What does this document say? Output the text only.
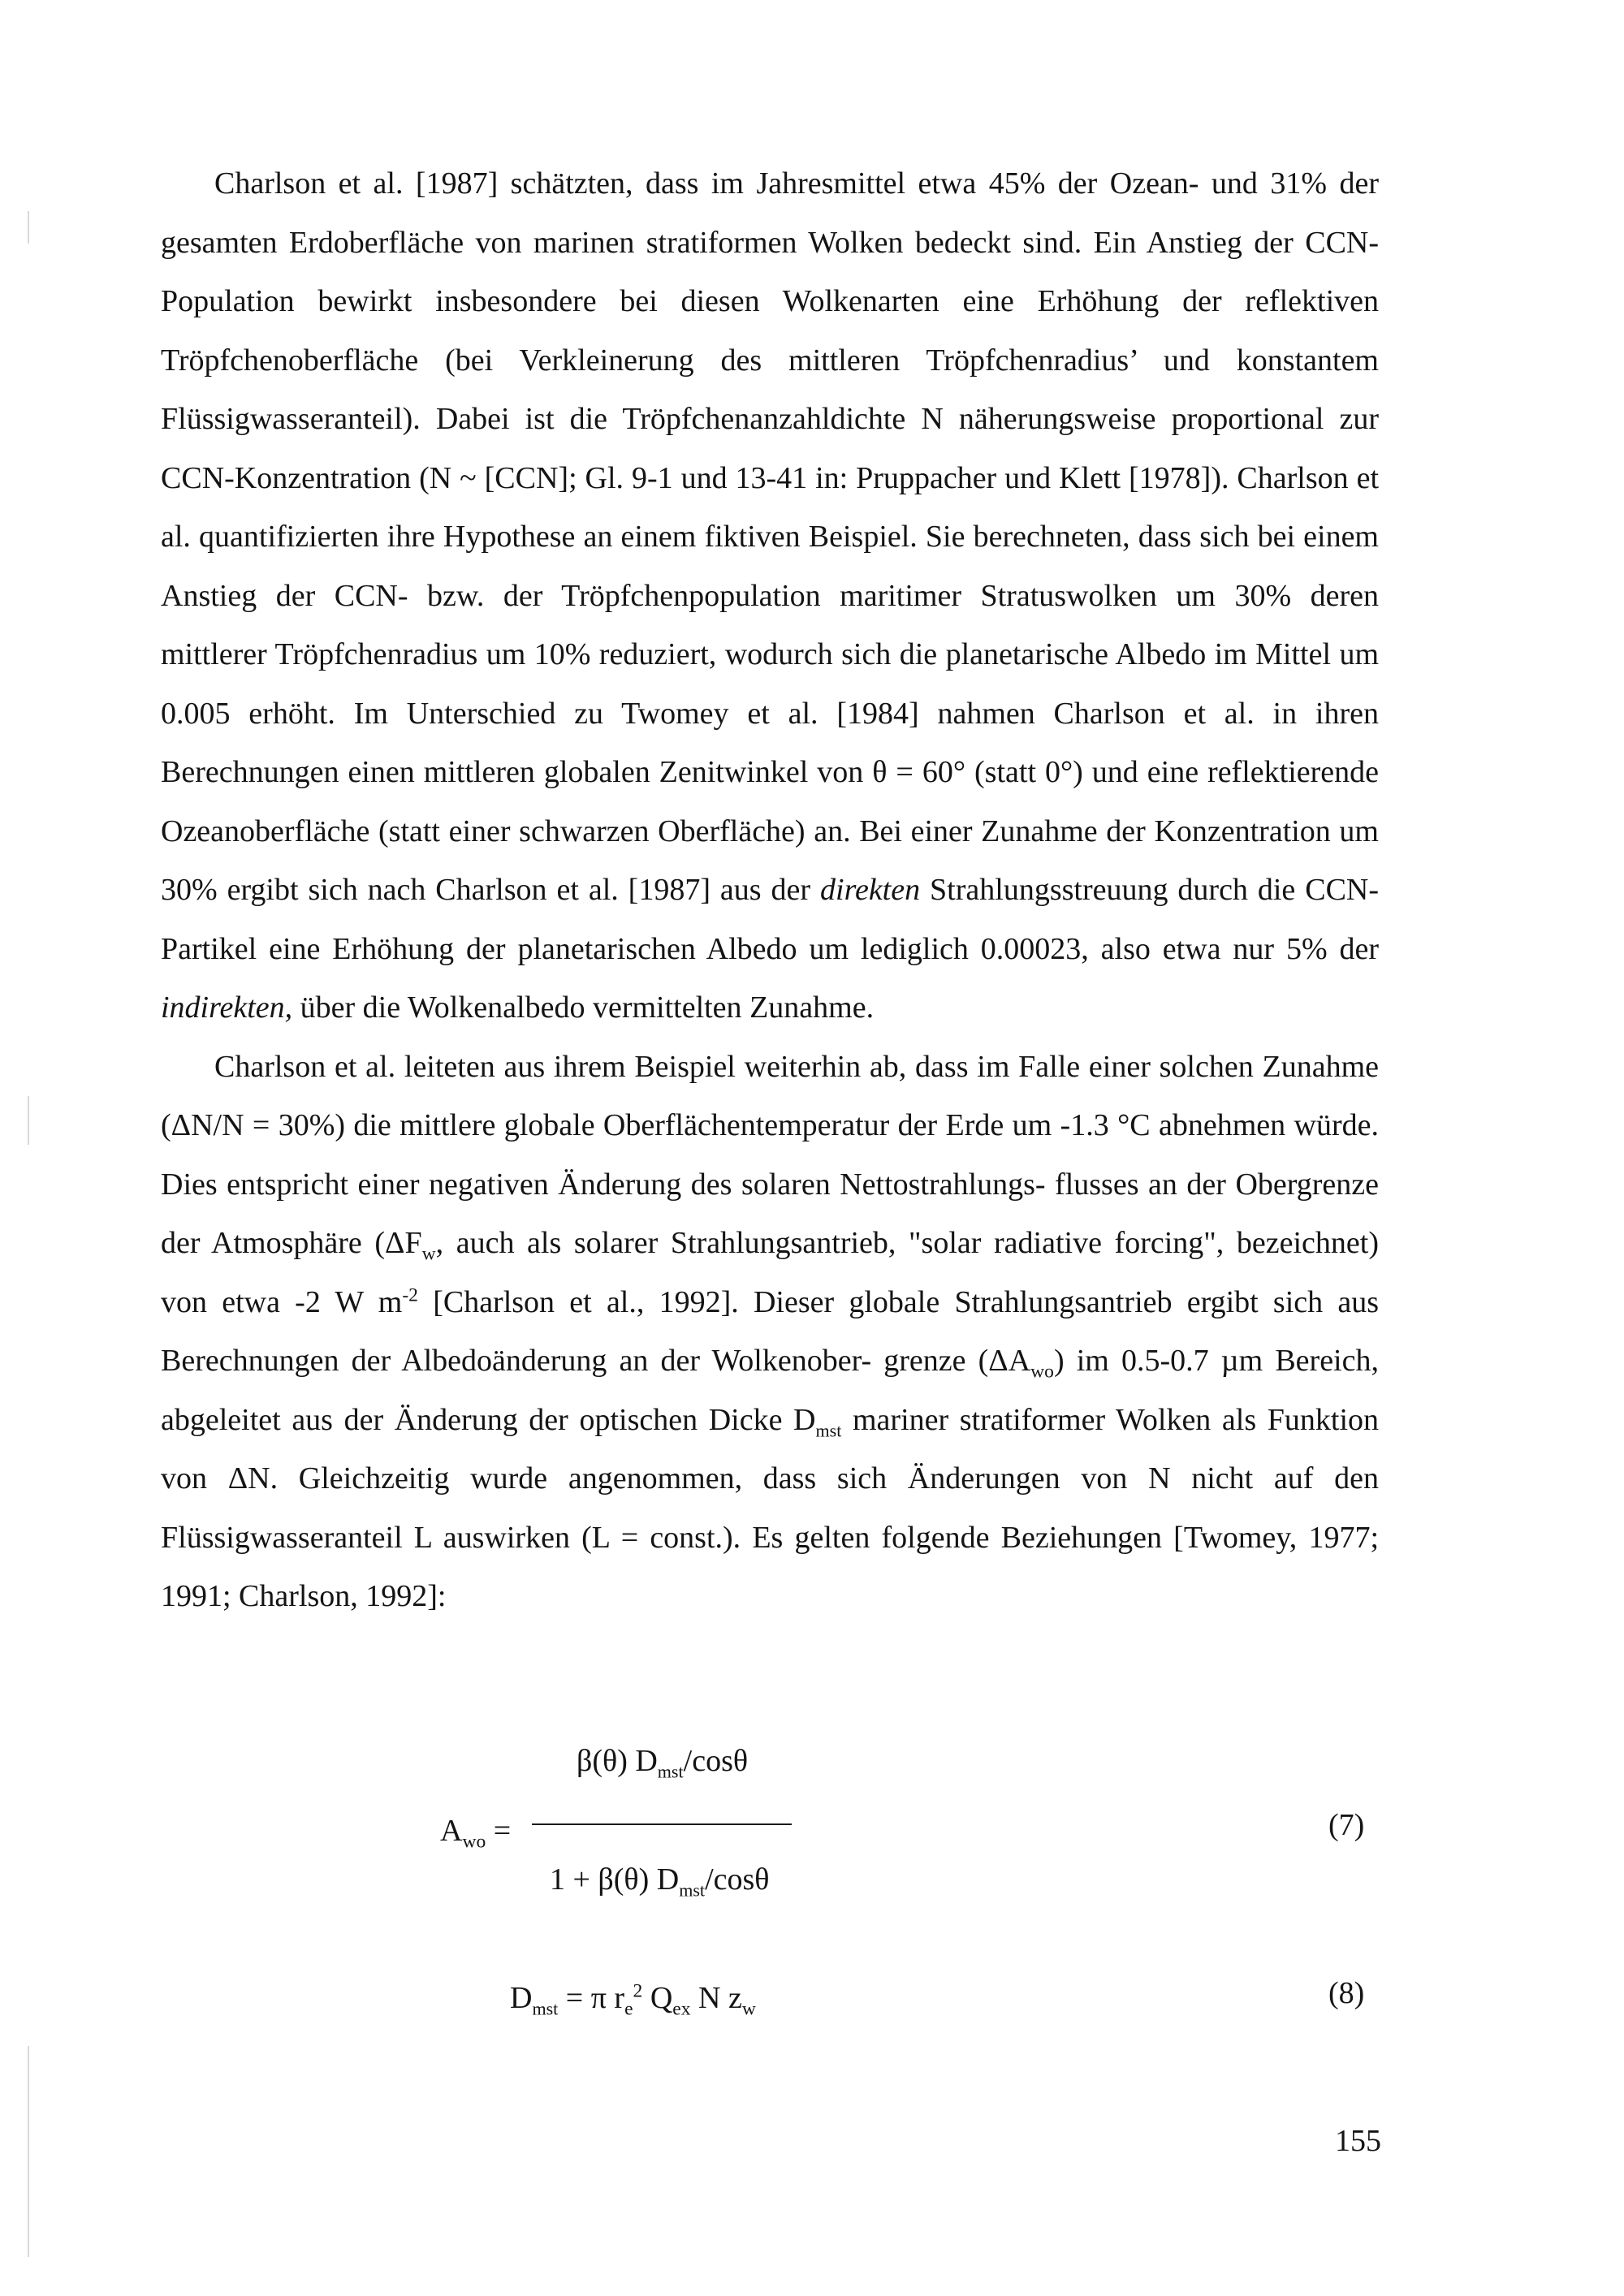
Charlson et al. [1987] schätzten, dass im Jahresmittel etwa 45% der Ozean- und 31% der gesamten Erdoberfläche von marinen stratiformen Wolken bedeckt sind. Ein Anstieg der CCN-Population bewirkt insbesondere bei diesen Wolkenarten eine Erhöhung der reflektiven Tröpfchenoberfläche (bei Verkleinerung des mittleren Tröpfchenradius’ und konstantem Flüssigwasseranteil). Dabei ist die Tröpfchenanzahldichte N näherungsweise proportional zur CCN-Konzentration (N ~ [CCN]; Gl. 9-1 und 13-41 in: Pruppacher und Klett [1978]). Charlson et al. quantifizierten ihre Hypothese an einem fiktiven Beispiel. Sie berechneten, dass sich bei einem Anstieg der CCN- bzw. der Tröpfchenpopulation maritimer Stratuswolken um 30% deren mittlerer Tröpfchenradius um 10% reduziert, wodurch sich die planetarische Albedo im Mittel um 0.005 erhöht. Im Unterschied zu Twomey et al. [1984] nahmen Charlson et al. in ihren Berechnungen einen mittleren globalen Zenitwinkel von θ = 60° (statt 0°) und eine reflektierende Ozeanoberfläche (statt einer schwarzen Oberfläche) an. Bei einer Zunahme der Konzentration um 30% ergibt sich nach Charlson et al. [1987] aus der direkten Strahlungsstreuung durch die CCN-Partikel eine Erhöhung der planetarischen Albedo um lediglich 0.00023, also etwa nur 5% der indirekten, über die Wolkenalbedo vermittelten Zunahme.

Charlson et al. leiteten aus ihrem Beispiel weiterhin ab, dass im Falle einer solchen Zunahme (ΔN/N = 30%) die mittlere globale Oberflächentemperatur der Erde um -1.3 °C abnehmen würde. Dies entspricht einer negativen Änderung des solaren Nettostrahlungs- flusses an der Obergrenze der Atmosphäre ($\Delta F_w$, auch als solarer Strahlungsantrieb, "solar radiative forcing", bezeichnet) von etwa -2 W $m^{-2}$ [Charlson et al., 1992]. Dieser globale Strahlungsantrieb ergibt sich aus Berechnungen der Albedoänderung an der Wolkenober- grenze $(\Delta A_{wo})$ im 0.5-0.7 µm Bereich, abgeleitet aus der Änderung der optischen Dicke $D_{mst}$ mariner stratiformer Wolken als Funktion von ΔN. Gleichzeitig wurde angenommen, dass sich Änderungen von N nicht auf den Flüssigwasseranteil L auswirken (L = const.). Es gelten folgende Beziehungen [Twomey, 1977; 1991; Charlson, 1992]:

β(θ) $D_{mst}$/cosθ
$A_{wo}$ =
1 + β(θ) $D_{mst}$/cosθ
(7)
$D_{mst} = \pi$ $r_e^2$ $Q_{ex}$ N $z_w$	(8)
155
